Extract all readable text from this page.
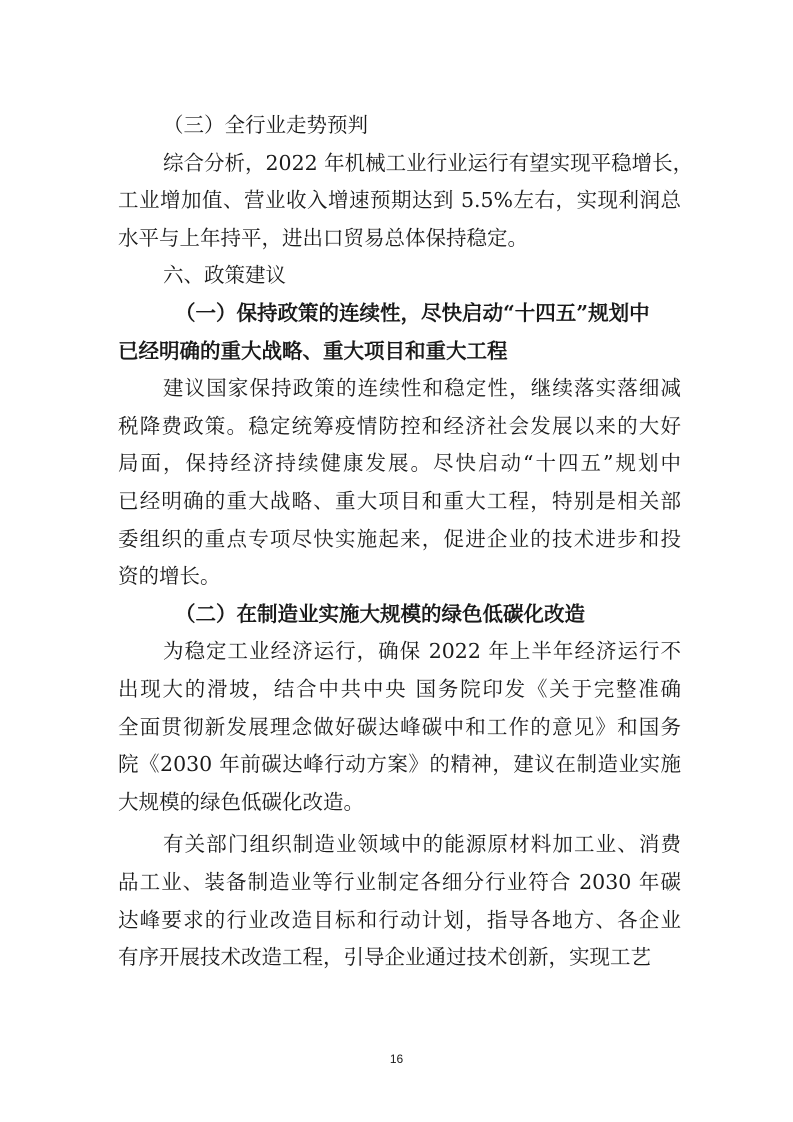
（三）全行业走势预判
综合分析，2022 年机械工业行业运行有望实现平稳增长，
工业增加值、营业收入增速预期达到 5.5%左右，实现利润总
水平与上年持平，进出口贸易总体保持稳定。
六、政策建议
（一）保持政策的连续性，尽快启动“十四五”规划中
已经明确的重大战略、重大项目和重大工程
建议国家保持政策的连续性和稳定性，继续落实落细减
税降费政策。稳定统筹疫情防控和经济社会发展以来的大好
局面，保持经济持续健康发展。尽快启动“十四五”规划中
已经明确的重大战略、重大项目和重大工程，特别是相关部
委组织的重点专项尽快实施起来，促进企业的技术进步和投
资的增长。
（二）在制造业实施大规模的绿色低碳化改造
为稳定工业经济运行，确保 2022 年上半年经济运行不
出现大的滑坡，结合中共中央 国务院印发《关于完整准确
全面贯彻新发展理念做好碳达峰碳中和工作的意见》和国务
院《2030 年前碳达峰行动方案》的精神，建议在制造业实施
大规模的绿色低碳化改造。
有关部门组织制造业领域中的能源原材料加工业、消费
品工业、装备制造业等行业制定各细分行业符合 2030 年碳
达峰要求的行业改造目标和行动计划，指导各地方、各企业
有序开展技术改造工程，引导企业通过技术创新，实现工艺
16
